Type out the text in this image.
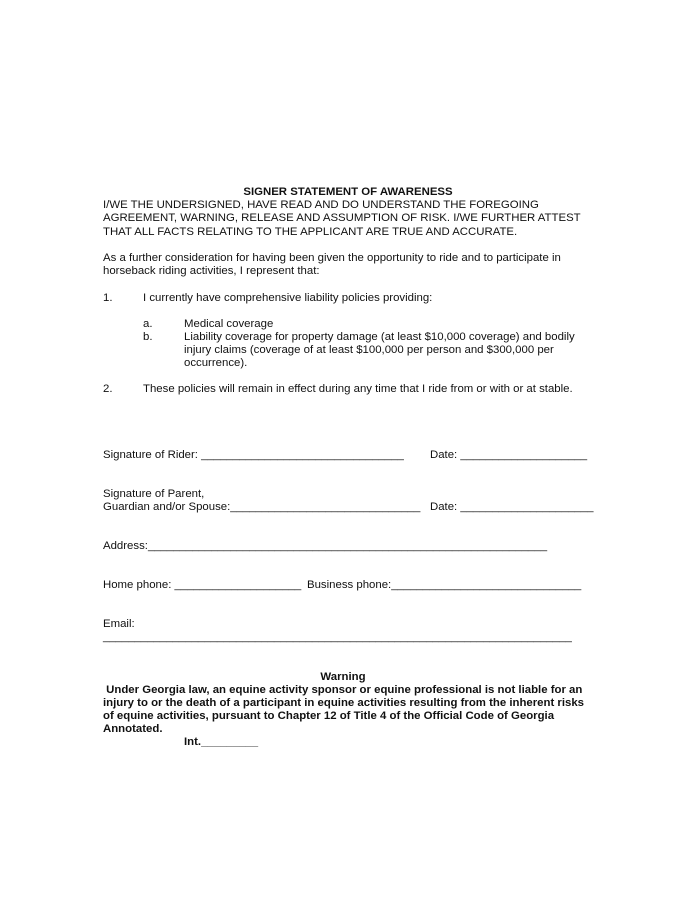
SIGNER STATEMENT OF AWARENESS
I/WE THE UNDERSIGNED, HAVE READ AND DO UNDERSTAND THE FOREGOING
AGREEMENT, WARNING, RELEASE AND ASSUMPTION OF RISK. I/WE FURTHER ATTEST
THAT ALL FACTS RELATING TO THE APPLICANT ARE TRUE AND ACCURATE.
As a further consideration for having been given the opportunity to ride and to participate in
horseback riding activities, I represent that:
1.	I currently have comprehensive liability policies providing:
a.	Medical coverage
b.	Liability coverage for property damage (at least $10,000 coverage) and bodily
injury claims (coverage of at least $100,000 per person and $300,000 per
occurrence).
2.	These policies will remain in effect during any time that I ride from or with or at stable.
Signature of Rider: ________________________________ Date: ____________________
Signature of Parent,
Guardian and/or Spouse:______________________________ Date: _____________________
Address:_______________________________________________________________
Home phone: ____________________ Business phone:______________________________
Email:
__________________________________________________________________________
Warning
Under Georgia law, an equine activity sponsor or equine professional is not liable for an
injury to or the death of a participant in equine activities resulting from the inherent risks
of equine activities, pursuant to Chapter 12 of Title 4 of the Official Code of Georgia
Annotated.
Int._________
